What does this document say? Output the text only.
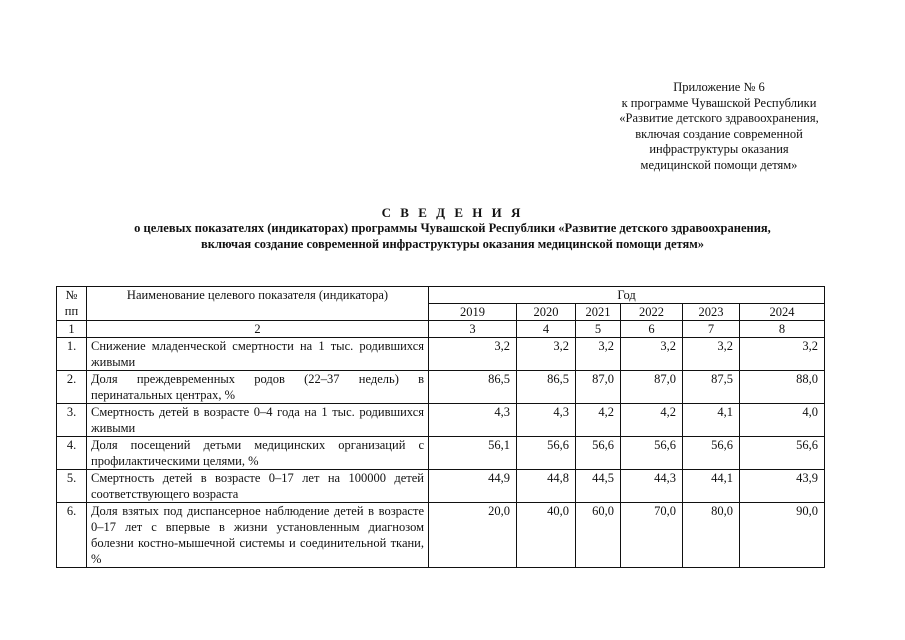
Приложение № 6
к программе Чувашской Республики
«Развитие детского здравоохранения,
включая создание современной
инфраструктуры оказания
медицинской помощи детям»
С В Е Д Е Н И Я
о целевых показателях (индикаторах) программы Чувашской Республики «Развитие детского здравоохранения,
включая создание современной инфраструктуры оказания медицинской помощи детям»
№ пп	Наименование целевого показателя (индикатора)	Год					
		2019	2020	2021	2022	2023	2024
1	2	3	4	5	6	7	8
1.	Снижение младенческой смертности на 1 тыс. родившихся живыми	3,2	3,2	3,2	3,2	3,2	3,2
2.	Доля преждевременных родов (22–37 недель) в перинатальных центрах, %	86,5	86,5	87,0	87,0	87,5	88,0
3.	Смертность детей в возрасте 0–4 года на 1 тыс. родившихся живыми	4,3	4,3	4,2	4,2	4,1	4,0
4.	Доля посещений детьми медицинских организаций с профилактическими целями, %	56,1	56,6	56,6	56,6	56,6	56,6
5.	Смертность детей в возрасте 0–17 лет на 100000 детей соответствующего возраста	44,9	44,8	44,5	44,3	44,1	43,9
6.	Доля взятых под диспансерное наблюдение детей в возрасте 0–17 лет с впервые в жизни установленным диагнозом болезни костно-мышечной системы и соединительной ткани, %	20,0	40,0	60,0	70,0	80,0	90,0
